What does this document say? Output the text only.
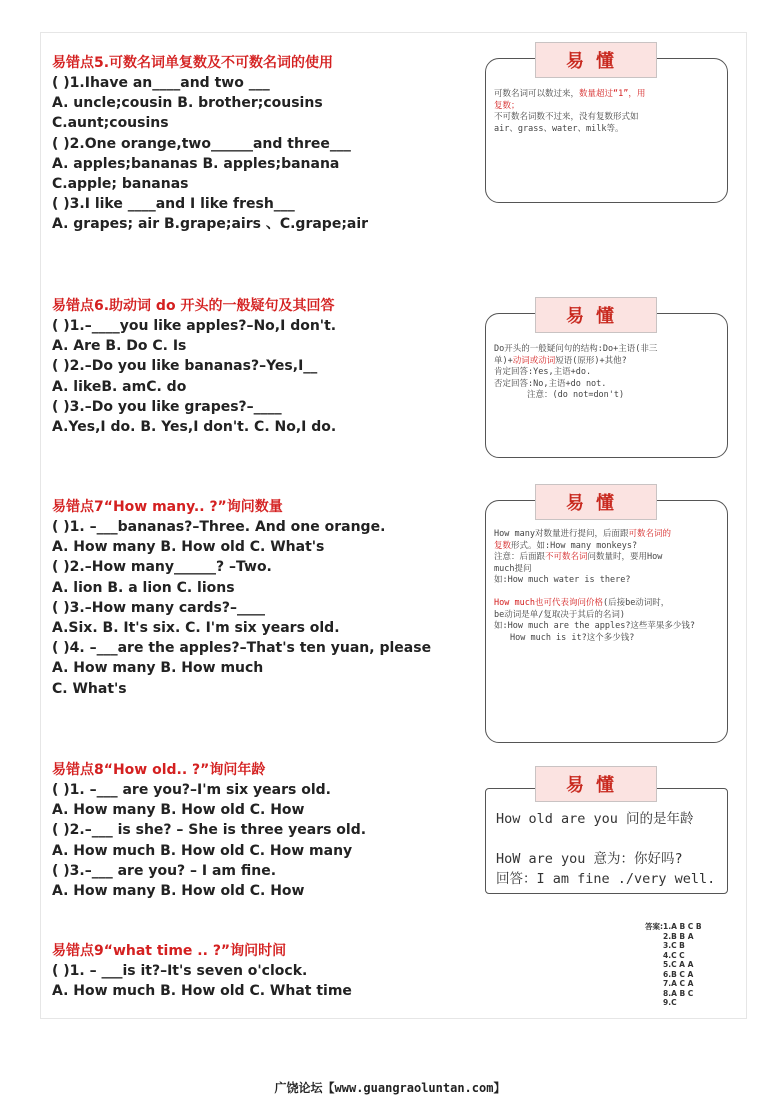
易错点5.可数名词单复数及不可数名词的使用
( )1.Ihave an____and two ___
A. uncle;cousin B. brother;cousins
C.aunt;cousins
( )2.One orange,two______and three___
A. apples;bananas B. apples;banana
C.apple; bananas
( )3.I like ____and I like fresh___
A. grapes; air B.grape;airs 、C.grape;air
易错点6.助动词 do 开头的一般疑句及其回答
( )1.–____you like apples?–No,I don't.
A. Are B. Do C. Is
( )2.–Do you like bananas?–Yes,I__
A. likeB. amC. do
( )3.–Do you like grapes?–____
A.Yes,I do. B. Yes,I don't. C. No,I do.
易错点7“How many.. ?”询问数量
( )1. –___bananas?–Three. And one orange.
A. How many B. How old C. What's
( )2.–How many______? –Two.
A. lion B. a lion C. lions
( )3.–How many cards?–____
A.Six. B. It's six. C. I'm six years old.
( )4. –___are the apples?–That's ten yuan, please
A. How many B. How much
C. What's
易错点8“How old.. ?”询问年龄
( )1. –___ are you?–I'm six years old.
A. How many B. How old C. How
( )2.–___ is she? – She is three years old.
A. How much B. How old C. How many
( )3.–___ are you? – I am fine.
A. How many B. How old C. How
易错点9“what time .. ?”询问时间
( )1. – ___is it?–It's seven o'clock.
A. How much B. How old C. What time
可数名词可以数过来，数量超过“1”，用
复数；
不可数名词数不过来，没有复数形式如
air、grass、water、milk等。
易懂
Do开头的一般疑问句的结构:Do+主语(非三
单)+动词或动词短语(原形)+其他?
肯定回答:Yes,主语+do.
否定回答:No,主语+do not.
注意：(do not=don't)
易懂
How many对数量进行提问，后面跟可数名词的
复数形式。如:How many monkeys?
注意：后面跟不可数名词问数量时，要用How
much提问
如:How much water is there?
How much也可代表询问价格(后接be动词时，
be动词是单/复取决于其后的名词)
如:How much are the apples?这些苹果多少钱?
How much is it?这个多少钱?
易懂
How old are you 问的是年龄
HoW are you 意为：你好吗?
回答：I am fine ./very well.
易懂
答案:1.A B C B
2.B B A
3.C B
4.C C
5.C A A
6.B C A
7.A C A
8.A B C
9.C
广饶论坛【www.guangraoluntan.com】
